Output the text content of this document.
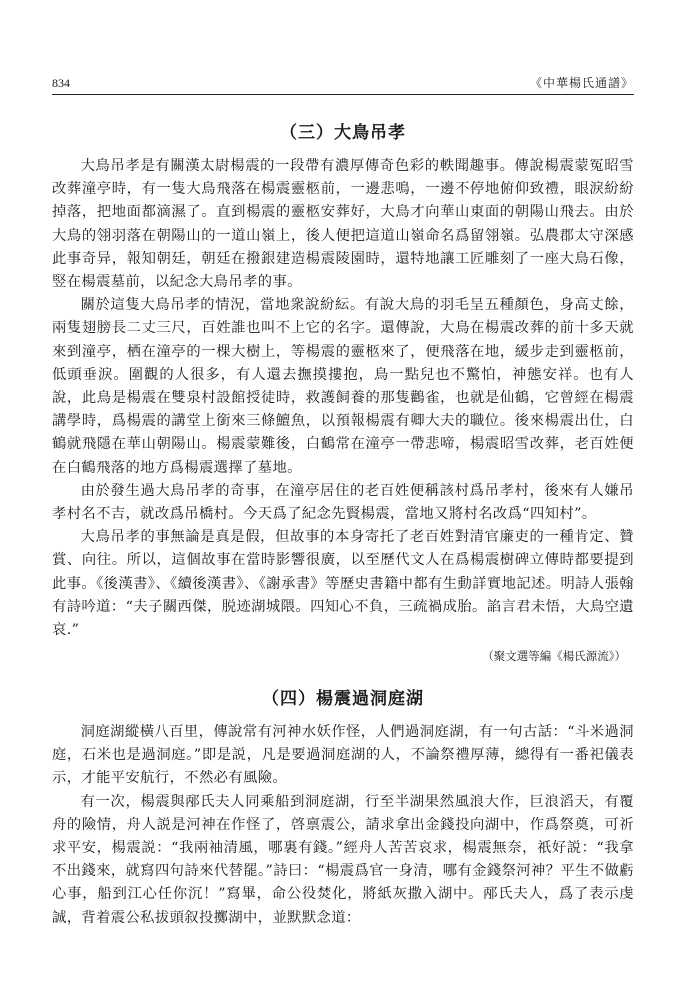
834	《中華楊氏通譜》
（三）大鳥吊孝

大鳥吊孝是有關漢太尉楊震的一段帶有濃厚傳奇色彩的軼聞趣事。傳說楊震蒙冤昭雪改葬潼亭時，有一隻大鳥飛落在楊震靈柩前，一邊悲鳴，一邊不停地俯仰致禮，眼淚紛紛掉落，把地面都滴濕了。直到楊震的靈柩安葬好，大鳥才向華山東面的朝陽山飛去。由於大鳥的翎羽落在朝陽山的一道山嶺上，後人便把這道山嶺命名爲留翎嶺。弘農郡太守深感此事奇异，報知朝廷，朝廷在撥銀建造楊震陵園時，還特地讓工匠雕刻了一座大鳥石像，竪在楊震墓前，以紀念大鳥吊孝的事。

關於這隻大鳥吊孝的情況，當地衆說紛紜。有說大鳥的羽毛呈五種顏色，身高丈餘，兩隻翅膀長二丈三尺，百姓誰也叫不上它的名字。還傳說，大鳥在楊震改葬的前十多天就來到潼亭，栖在潼亭的一棵大樹上，等楊震的靈柩來了，便飛落在地，緩步走到靈柩前，低頭垂淚。圍觀的人很多，有人還去撫摸摟抱，鳥一點兒也不驚怕，神態安祥。也有人說，此鳥是楊震在雙泉村設館授徒時，救護飼養的那隻鸛雀，也就是仙鶴，它曾經在楊震講學時，爲楊震的講堂上銜來三條鱣魚，以預報楊震有卿大夫的職位。後來楊震出仕，白鶴就飛隱在華山朝陽山。楊震蒙難後，白鶴常在潼亭一帶悲啼，楊震昭雪改葬，老百姓便在白鶴飛落的地方爲楊震選擇了墓地。

由於發生過大鳥吊孝的奇事，在潼亭居住的老百姓便稱該村爲吊孝村，後來有人嫌吊孝村名不吉，就改爲吊橋村。今天爲了紀念先賢楊震，當地又將村名改爲“四知村”。

大鳥吊孝的事無論是真是假，但故事的本身寄托了老百姓對清官廉吏的一種肯定、贊賞、向往。所以，這個故事在當時影響很廣，以至歷代文人在爲楊震樹碑立傳時都要提到此事。《後漢書》、《續後漢書》、《謝承書》等歷史書籍中都有生動詳實地記述。明詩人張翰有詩吟道：“夫子關西傑，脱迹湖城隈。四知心不負，三疏禍成胎。諂言君未悟，大鳥空遺哀.”

（聚文選等編《楊氏源流》）
（四）楊震過洞庭湖

洞庭湖縱橫八百里，傳說常有河神水妖作怪，人們過洞庭湖，有一句古話：“斗米過洞庭，石米也是過洞庭。”即是説，凡是要過洞庭湖的人，不論祭禮厚薄，總得有一番祀儀表示，才能平安航行，不然必有風險。

有一次，楊震與邴氏夫人同乘船到洞庭湖，行至半湖果然風浪大作，巨浪滔天，有覆舟的險情，舟人説是河神在作怪了，啓禀震公，請求拿出金錢投向湖中，作爲祭奠，可祈求平安，楊震説：“我兩袖清風，哪裏有錢。”經舟人苦苦哀求，楊震無奈，祇好説：“我拿不出錢來，就寫四句詩來代替罷。”詩曰：“楊震爲官一身清，哪有金錢祭河神？平生不做虧心事，船到江心任你沉！”寫畢，命公役焚化，將紙灰撒入湖中。邴氏夫人，爲了表示虔誠，背着震公私拔頭叙投擲湖中，並默默念道：
